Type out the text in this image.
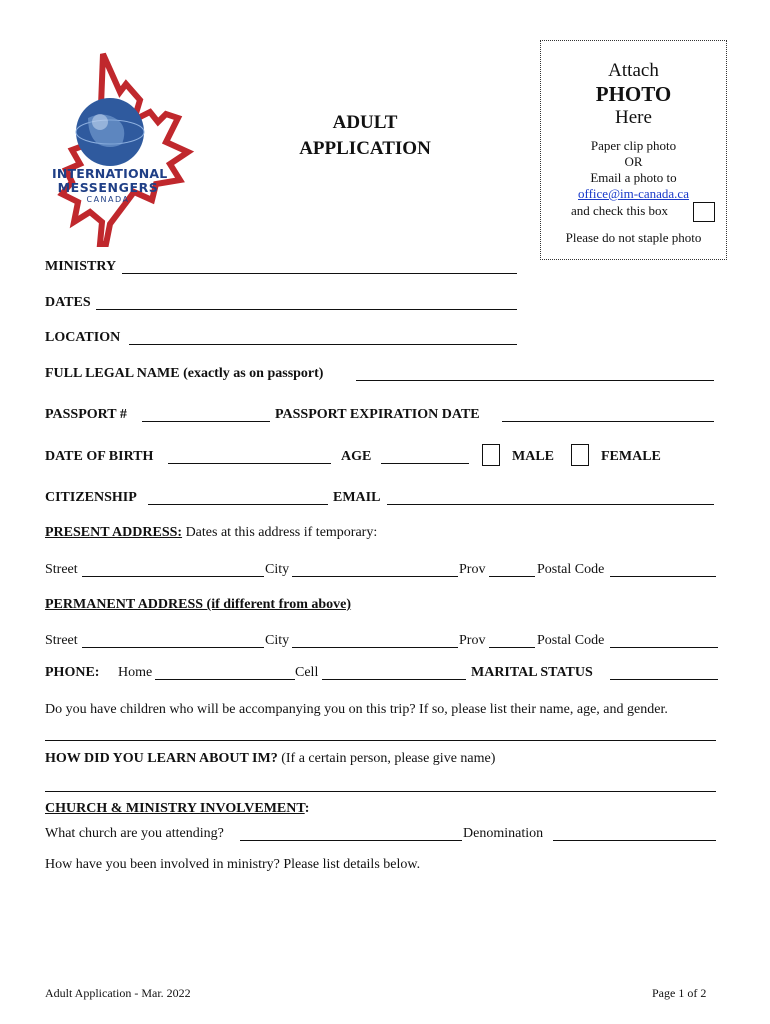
INTERNATIONAL
MESSENGERS
CANADA
ADULT
APPLICATION
Attach
PHOTO
Here
Paper clip photo
OR
Email a photo to
office@im-canada.ca
and check this box
Please do not staple photo
MINISTRY
DATES
LOCATION
FULL LEGAL NAME (exactly as on passport)
PASSPORT #	PASSPORT EXPIRATION DATE
DATE OF BIRTH	AGE	MALE	FEMALE
CITIZENSHIP	EMAIL
PRESENT ADDRESS: Dates at this address if temporary:
Street	City	Prov	Postal Code
PERMANENT ADDRESS (if different from above)
Street	City	Prov	Postal Code
PHONE: Home	Cell	MARITAL STATUS
Do you have children who will be accompanying you on this trip? If so, please list their name, age, and gender.
HOW DID YOU LEARN ABOUT IM? (If a certain person, please give name)
CHURCH & MINISTRY INVOLVEMENT:
What church are you attending?	Denomination
How have you been involved in ministry? Please list details below.
Adult Application - Mar. 2022	Page 1 of 2
